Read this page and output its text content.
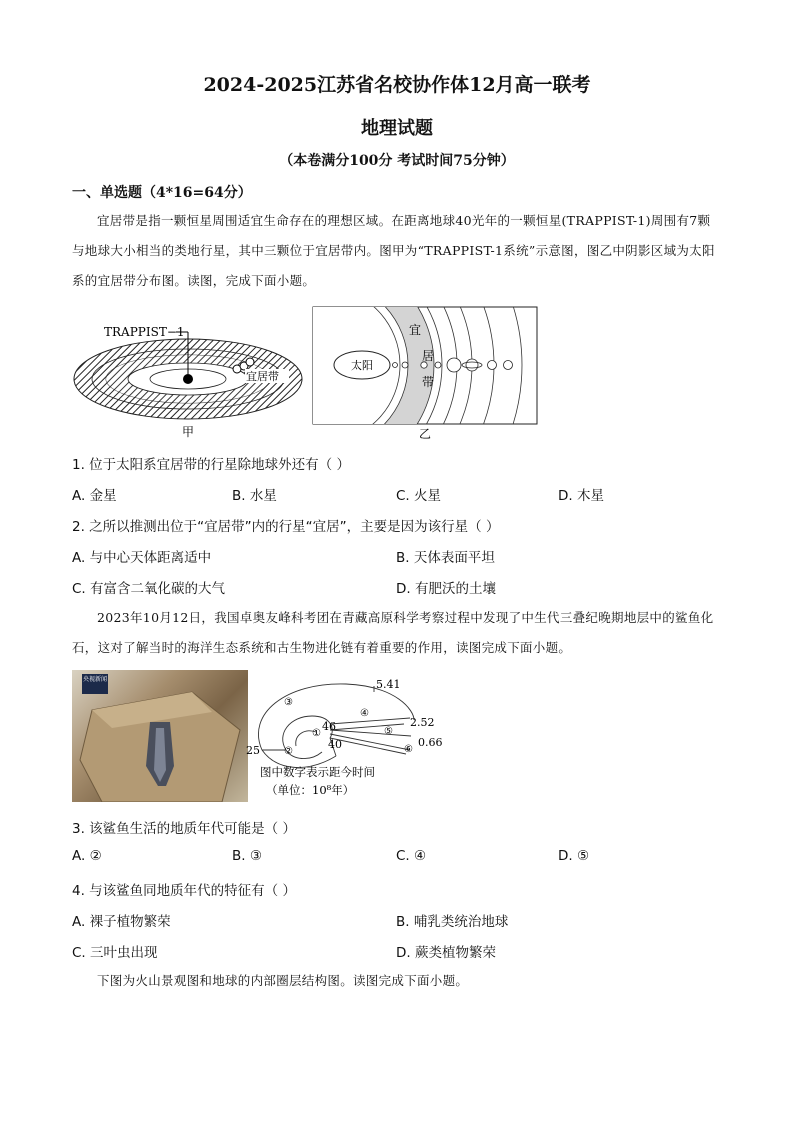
2024-2025江苏省名校协作体12月高一联考
地理试题
（本卷满分100分 考试时间75分钟）
一、单选题（4*16=64分）
宜居带是指一颗恒星周围适宜生命存在的理想区域。在距离地球40光年的一颗恒星(TRAPPIST-1)周围有7颗与地球大小相当的类地行星，其中三颗位于宜居带内。图甲为“TRAPPIST-1系统”示意图，图乙中阴影区域为太阳系的宜居带分布图。读图，完成下面小题。
TRAPPIST−1
宜居带
甲
太阳
宜
居
带
乙
1. 位于太阳系宜居带的行星除地球外还有（ ）
A. 金星	B. 水星	C. 火星	D. 木星
2. 之所以推测出位于“宜居带”内的行星“宜居”，主要是因为该行星（ ）
A. 与中心天体距离适中	B. 天体表面平坦
C. 有富含二氧化碳的大气	D. 有肥沃的土壤
2023年10月12日，我国卓奥友峰科考团在青藏高原科学考察过程中发现了中生代三叠纪晚期地层中的鲨鱼化石，这对了解当时的海洋生态系统和古生物进化链有着重要的作用，读图完成下面小题。
央视新闻	5.41
2.52
0.66
46
40
25
③
④
⑤
⑥
①
②
图中数字表示距今时间
（单位：10⁸年）
3. 该鲨鱼生活的地质年代可能是（ ）
A. ②	B. ③	C. ④	D. ⑤
4. 与该鲨鱼同地质年代的特征有（ ）
A. 裸子植物繁荣	B. 哺乳类统治地球
C. 三叶虫出现	D. 蕨类植物繁荣
下图为火山景观图和地球的内部圈层结构图。读图完成下面小题。
